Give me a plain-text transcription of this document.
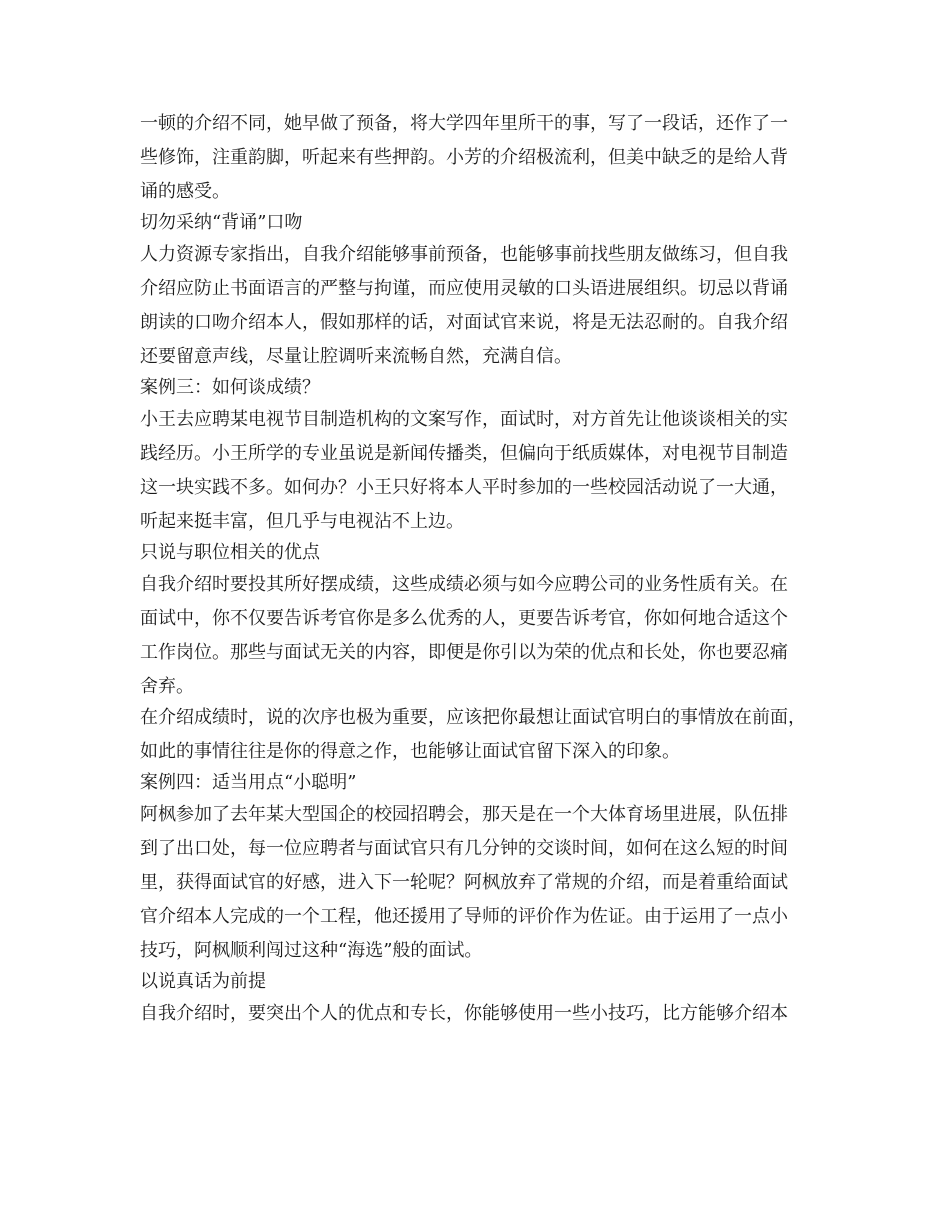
一顿的介绍不同，她早做了预备，将大学四年里所干的事，写了一段话，还作了一
些修饰，注重韵脚，听起来有些押韵。小芳的介绍极流利，但美中缺乏的是给人背
诵的感受。
切勿采纳“背诵”口吻
人力资源专家指出，自我介绍能够事前预备，也能够事前找些朋友做练习，但自我
介绍应防止书面语言的严整与拘谨，而应使用灵敏的口头语进展组织。切忌以背诵
朗读的口吻介绍本人，假如那样的话，对面试官来说，将是无法忍耐的。自我介绍
还要留意声线，尽量让腔调听来流畅自然，充满自信。
案例三：如何谈成绩？
小王去应聘某电视节目制造机构的文案写作，面试时，对方首先让他谈谈相关的实
践经历。小王所学的专业虽说是新闻传播类，但偏向于纸质媒体，对电视节目制造
这一块实践不多。如何办？小王只好将本人平时参加的一些校园活动说了一大通，
听起来挺丰富，但几乎与电视沾不上边。
只说与职位相关的优点
自我介绍时要投其所好摆成绩，这些成绩必须与如今应聘公司的业务性质有关。在
面试中，你不仅要告诉考官你是多么优秀的人，更要告诉考官，你如何地合适这个
工作岗位。那些与面试无关的内容，即便是你引以为荣的优点和长处，你也要忍痛
舍弃。
在介绍成绩时，说的次序也极为重要，应该把你最想让面试官明白的事情放在前面，
如此的事情往往是你的得意之作，也能够让面试官留下深入的印象。
案例四：适当用点“小聪明”
阿枫参加了去年某大型国企的校园招聘会，那天是在一个大体育场里进展，队伍排
到了出口处，每一位应聘者与面试官只有几分钟的交谈时间，如何在这么短的时间
里，获得面试官的好感，进入下一轮呢？阿枫放弃了常规的介绍，而是着重给面试
官介绍本人完成的一个工程，他还援用了导师的评价作为佐证。由于运用了一点小
技巧，阿枫顺利闯过这种“海选”般的面试。
以说真话为前提
自我介绍时，要突出个人的优点和专长，你能够使用一些小技巧，比方能够介绍本
